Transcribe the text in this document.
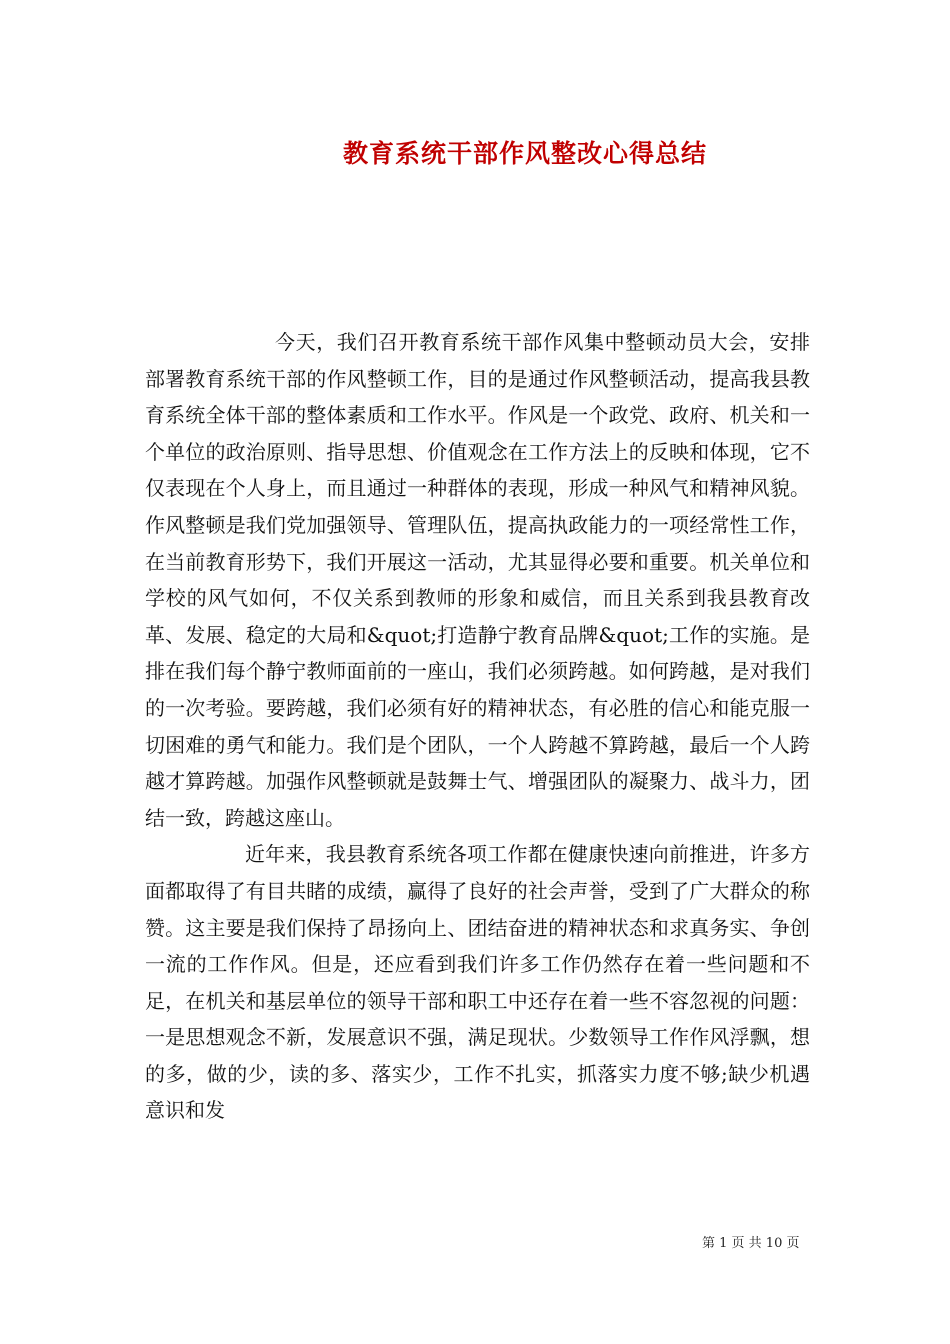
教育系统干部作风整改心得总结

今天，我们召开教育系统干部作风集中整顿动员大会，安排部署教育系统干部的作风整顿工作，目的是通过作风整顿活动，提高我县教育系统全体干部的整体素质和工作水平。作风是一个政党、政府、机关和一个单位的政治原则、指导思想、价值观念在工作方法上的反映和体现，它不仅表现在个人身上，而且通过一种群体的表现，形成一种风气和精神风貌。作风整顿是我们党加强领导、管理队伍，提高执政能力的一项经常性工作，在当前教育形势下，我们开展这一活动，尤其显得必要和重要。机关单位和学校的风气如何，不仅关系到教师的形象和威信，而且关系到我县教育改革、发展、稳定的大局和&quot;打造静宁教育品牌&quot;工作的实施。是排在我们每个静宁教师面前的一座山，我们必须跨越。如何跨越，是对我们的一次考验。要跨越，我们必须有好的精神状态，有必胜的信心和能克服一切困难的勇气和能力。我们是个团队，一个人跨越不算跨越，最后一个人跨越才算跨越。加强作风整顿就是鼓舞士气、增强团队的凝聚力、战斗力，团结一致，跨越这座山。

近年来，我县教育系统各项工作都在健康快速向前推进，许多方面都取得了有目共睹的成绩，赢得了良好的社会声誉，受到了广大群众的称赞。这主要是我们保持了昂扬向上、团结奋进的精神状态和求真务实、争创一流的工作作风。但是，还应看到我们许多工作仍然存在着一些问题和不足，在机关和基层单位的领导干部和职工中还存在着一些不容忽视的问题：一是思想观念不新，发展意识不强，满足现状。少数领导工作作风浮飘，想的多，做的少，读的多、落实少，工作不扎实，抓落实力度不够;缺少机遇意识和发

第 1 页 共 10 页
